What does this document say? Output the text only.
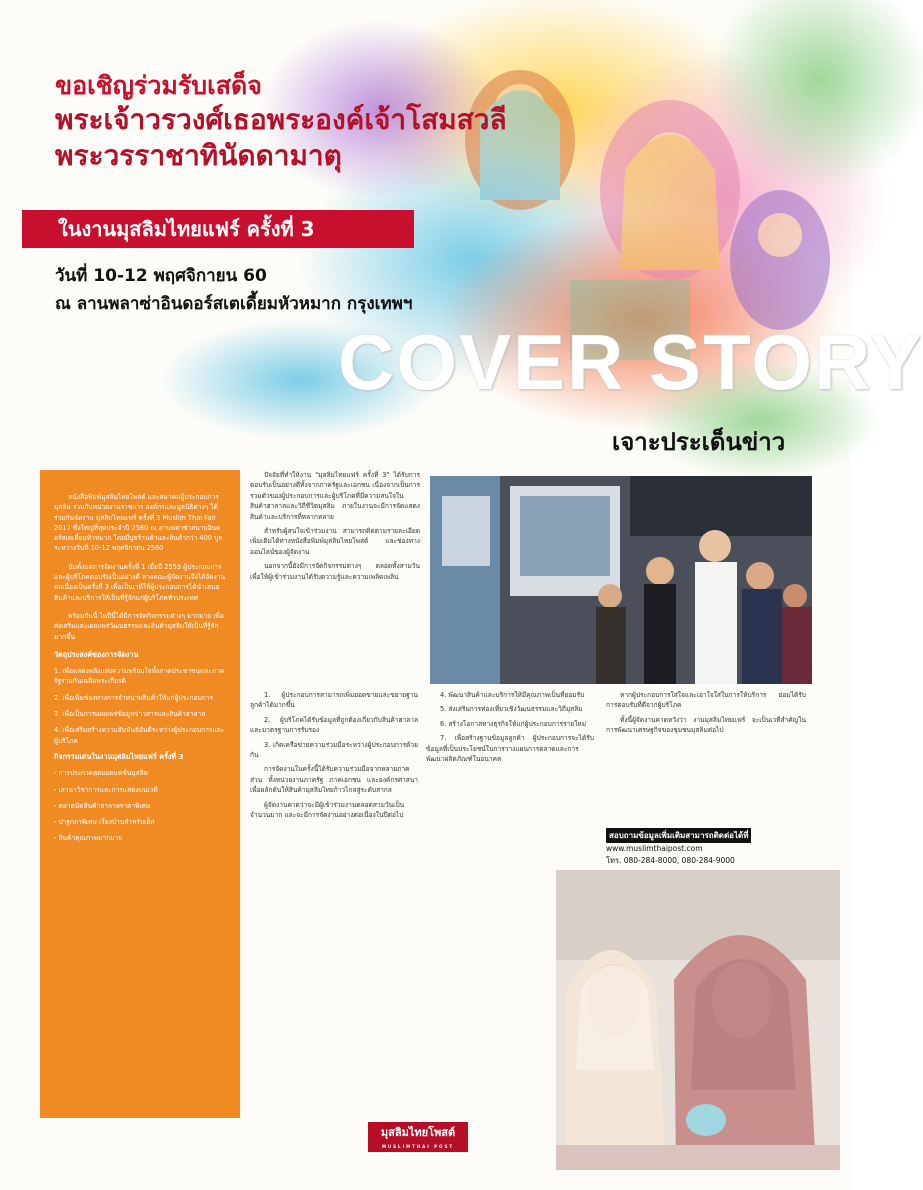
ขอเชิญร่วมรับเสด็จ
พระเจ้าวรวงศ์เธอพระองค์เจ้าโสมสวลี
พระวรราชาทินัดดามาตุ
ในงานมุสลิมไทยแฟร์ ครั้งที่ 3
วันที่ 10-12 พฤศจิกายน 60
ณ ลานพลาซ่าอินดอร์สเตเดี้ยมหัวหมาก กรุงเทพฯ
COVER STORY
เจาะประเด็นข่าว

หนังสือพิมพ์มุสลิมไทยโพสต์ และสมาคมผู้ประกอบการมุสลิม ร่วมกับหน่วยงานราชการ องค์กรและมูลนิธิต่างๆ ได้ร่วมกันจัดงาน มุสลิมไทยแฟร์ ครั้งที่ 3 Muslim Thai Fair 2017 ซึ่งใหญ่ที่สุดประจำปี 2560 ณ ลานพลาซ่าสนามอินดอร์สเตเดี้ยมหัวหมาก โดยมีบูธร้านค้าและสินค้ากว่า 400 บูธ ระหว่างวันที่ 10-12 พฤศจิกายน 2560

นับตั้งแต่การจัดงานครั้งที่ 1 เมื่อปี 2559 ผู้ประกอบการและผู้บริโภคตอบรับเป็นอย่างดี ทางคณะผู้จัดงานจึงได้จัดงานต่อเนื่องเป็นครั้งที่ 3 เพื่อเป็นเวทีให้ผู้ประกอบการได้นำเสนอสินค้าและบริการให้เป็นที่รู้จักแก่ผู้บริโภคทั่วประเทศ

พร้อมกันนี้ ในปีนี้ได้มีการจัดกิจกรรมต่างๆ มากมาย เพื่อส่งเสริมและเผยแพร่วัฒนธรรมและสินค้ามุสลิมให้เป็นที่รู้จักมากขึ้น

วัตถุประสงค์ของการจัดงาน
1. เพื่อแสดงพลังแห่งความพร้อมใจทั้งภาคประชาชนและภาครัฐร่วมกันเฉลิมพระเกียรติ
2. เพื่อเพิ่มช่องทางการจำหน่ายสินค้าให้แก่ผู้ประกอบการ
3. เพื่อเป็นการเผยแพร่ข้อมูลข่าวสารและสินค้าฮาลาล
4. เพื่อเสริมสร้างความสัมพันธ์อันดีระหว่างผู้ประกอบการและผู้บริโภค
กิจกรรมเด่นในงานมุสลิมไทยแฟร์ ครั้งที่ 3
- การประกวดสุดยอดแฟชั่นมุสลิม
- เสวนาวิชาการและการแสดงบนเวที
- ตลาดนัดสินค้าฮาลาลราคาพิเศษ
- ปาฐกถาพิเศษ เรื่องบ้านสำหรับเด็ก
- สินค้าคุณภาพมากมาย

ปัจจัยที่ทำให้งาน "มุสลิมไทยแฟร์ ครั้งที่ 3" ได้รับการตอบรับเป็นอย่างดีทั้งจากภาครัฐและเอกชน เนื่องจากเป็นการรวมตัวของผู้ประกอบการและผู้บริโภคที่มีความสนใจในสินค้าฮาลาลและวิถีชีวิตมุสลิม ภายในงานจะมีการจัดแสดงสินค้าและบริการที่หลากหลาย

สำหรับผู้สนใจเข้าร่วมงาน สามารถติดตามรายละเอียดเพิ่มเติมได้ทางหนังสือพิมพ์มุสลิมไทยโพสต์ และช่องทางออนไลน์ของผู้จัดงาน

นอกจากนี้ยังมีการจัดกิจกรรมต่างๆ ตลอดทั้งสามวัน เพื่อให้ผู้เข้าร่วมงานได้รับความรู้และความเพลิดเพลิน

1. ผู้ประกอบการสามารถเพิ่มยอดขายและขยายฐานลูกค้าได้มากขึ้น

2. ผู้บริโภคได้รับข้อมูลที่ถูกต้องเกี่ยวกับสินค้าฮาลาลและมาตรฐานการรับรอง

3. เกิดเครือข่ายความร่วมมือระหว่างผู้ประกอบการด้วยกัน

การจัดงานในครั้งนี้ได้รับความร่วมมือจากหลายภาคส่วน ทั้งหน่วยงานภาครัฐ ภาคเอกชน และองค์กรศาสนา เพื่อผลักดันให้สินค้ามุสลิมไทยก้าวไกลสู่ระดับสากล

ผู้จัดงานคาดว่าจะมีผู้เข้าร่วมงานตลอดสามวันเป็นจำนวนมาก และจะมีการจัดงานอย่างต่อเนื่องในปีต่อไป

4. พัฒนาสินค้าและบริการให้มีคุณภาพเป็นที่ยอมรับ

5. ส่งเสริมการท่องเที่ยวเชิงวัฒนธรรมและวิถีมุสลิม

6. สร้างโอกาสทางธุรกิจให้แก่ผู้ประกอบการรายใหม่

7. เพื่อสร้างฐานข้อมูลลูกค้า ผู้ประกอบการจะได้รับข้อมูลที่เป็นประโยชน์ในการวางแผนการตลาดและการพัฒนาผลิตภัณฑ์ในอนาคต

หากผู้ประกอบการใส่ใจและเอาใจใส่ในการให้บริการ ย่อมได้รับการตอบรับที่ดีจากผู้บริโภค

ทั้งนี้ผู้จัดงานคาดหวังว่า งานมุสลิมไทยแฟร์ จะเป็นเวทีสำคัญในการพัฒนาเศรษฐกิจของชุมชนมุสลิมต่อไป

สอบถามข้อมูลเพิ่มเติมสามารถติดต่อได้ที่
www.muslimthaipost.com
โทร. 080-284-8000, 080-284-9000
มุสลิมไทยโพสต์
MUSLIMTHAI POST
